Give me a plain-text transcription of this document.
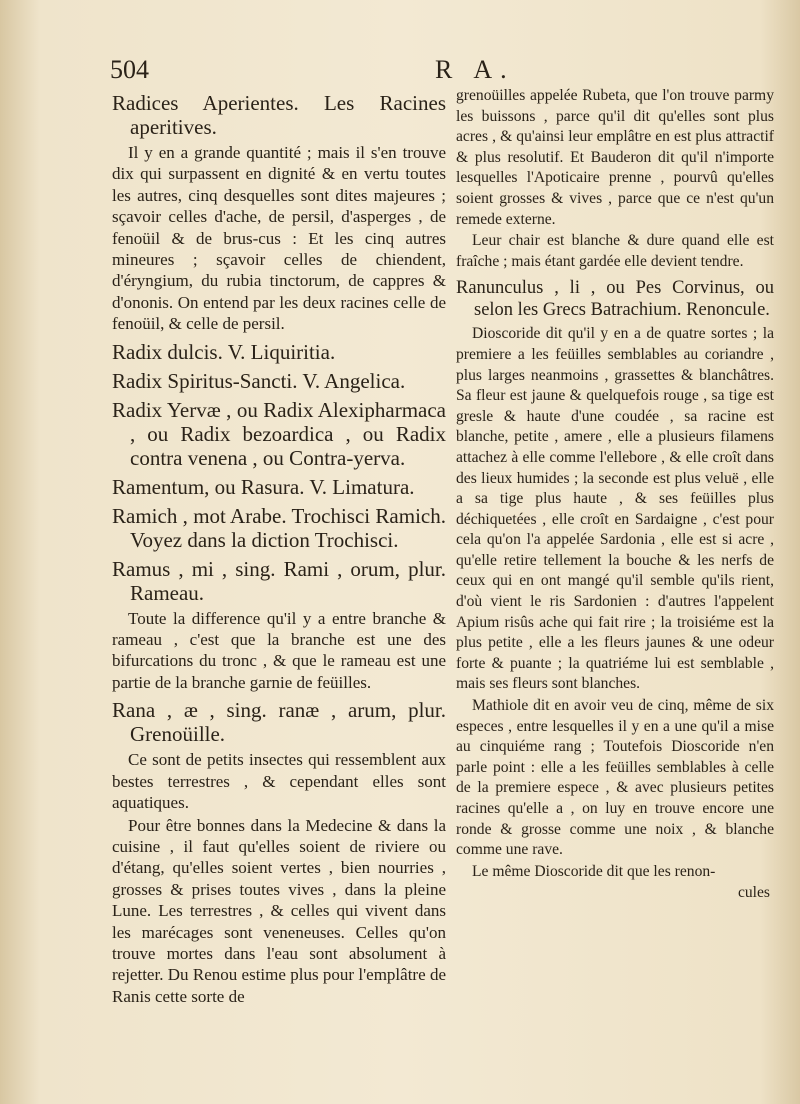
504	R A.
Radices Aperientes. Les Racines aperitives.
Il y en a grande quantité ; mais il s'en trouve dix qui surpassent en dignité & en vertu toutes les autres, cinq desquelles sont dites majeures ; sçavoir celles d'ache, de persil, d'asperges , de fenoüil & de brus-cus : Et les cinq autres mineures ; sçavoir celles de chiendent, d'éryngium, du rubia tinctorum, de cappres & d'ononis. On entend par les deux racines celle de fenoüil, & celle de persil.
Radix dulcis. V. Liquiritia.
Radix Spiritus-Sancti. V. Angelica.
Radix Yervæ , ou Radix Alexipharmaca , ou Radix bezoardica , ou Radix contra venena , ou Contra-yerva.
Ramentum, ou Rasura. V. Limatura.
Ramich , mot Arabe. Trochisci Ramich. Voyez dans la diction Trochisci.
Ramus , mi , sing. Rami , orum, plur. Rameau.
Toute la difference qu'il y a entre branche & rameau , c'est que la branche est une des bifurcations du tronc , & que le rameau est une partie de la branche garnie de feüilles.
Rana , æ , sing. ranæ , arum, plur. Grenoüille.
Ce sont de petits insectes qui ressemblent aux bestes terrestres , & cependant elles sont aquatiques.
Pour être bonnes dans la Medecine & dans la cuisine , il faut qu'elles soient de riviere ou d'étang, qu'elles soient vertes , bien nourries , grosses & prises toutes vives , dans la pleine Lune. Les terrestres , & celles qui vivent dans les marécages sont veneneuses. Celles qu'on trouve mortes dans l'eau sont absolument à rejetter. Du Renou estime plus pour l'emplâtre de Ranis cette sorte de
grenoüilles appelée Rubeta, que l'on trouve parmy les buissons , parce qu'il dit qu'elles sont plus acres , & qu'ainsi leur emplâtre en est plus attractif & plus resolutif. Et Bauderon dit qu'il n'importe lesquelles l'Apoticaire prenne , pourvû qu'elles soient grosses & vives , parce que ce n'est qu'un remede externe.
Leur chair est blanche & dure quand elle est fraîche ; mais étant gardée elle devient tendre.
Ranunculus , li , ou Pes Corvinus, ou selon les Grecs Batrachium. Renoncule.
Dioscoride dit qu'il y en a de quatre sortes ; la premiere a les feüilles semblables au coriandre , plus larges neanmoins , grassettes & blanchâtres. Sa fleur est jaune & quelquefois rouge , sa tige est gresle & haute d'une coudée , sa racine est blanche, petite , amere , elle a plusieurs filamens attachez à elle comme l'ellebore , & elle croît dans des lieux humides ; la seconde est plus veluë , elle a sa tige plus haute , & ses feüilles plus déchiquetées , elle croît en Sardaigne , c'est pour cela qu'on l'a appelée Sardonia , elle est si acre , qu'elle retire tellement la bouche & les nerfs de ceux qui en ont mangé qu'il semble qu'ils rient, d'où vient le ris Sardonien : d'autres l'appelent Apium risûs ache qui fait rire ; la troisiéme est la plus petite , elle a les fleurs jaunes & une odeur forte & puante ; la quatriéme lui est semblable , mais ses fleurs sont blanches.
Mathiole dit en avoir veu de cinq, même de six especes , entre lesquelles il y en a une qu'il a mise au cinquiéme rang ; Toutefois Dioscoride n'en parle point : elle a les feüilles semblables à celle de la premiere espece , & avec plusieurs petites racines qu'elle a , on luy en trouve encore une ronde & grosse comme une noix , & blanche comme une rave.
Le même Dioscoride dit que les renon-
cules
